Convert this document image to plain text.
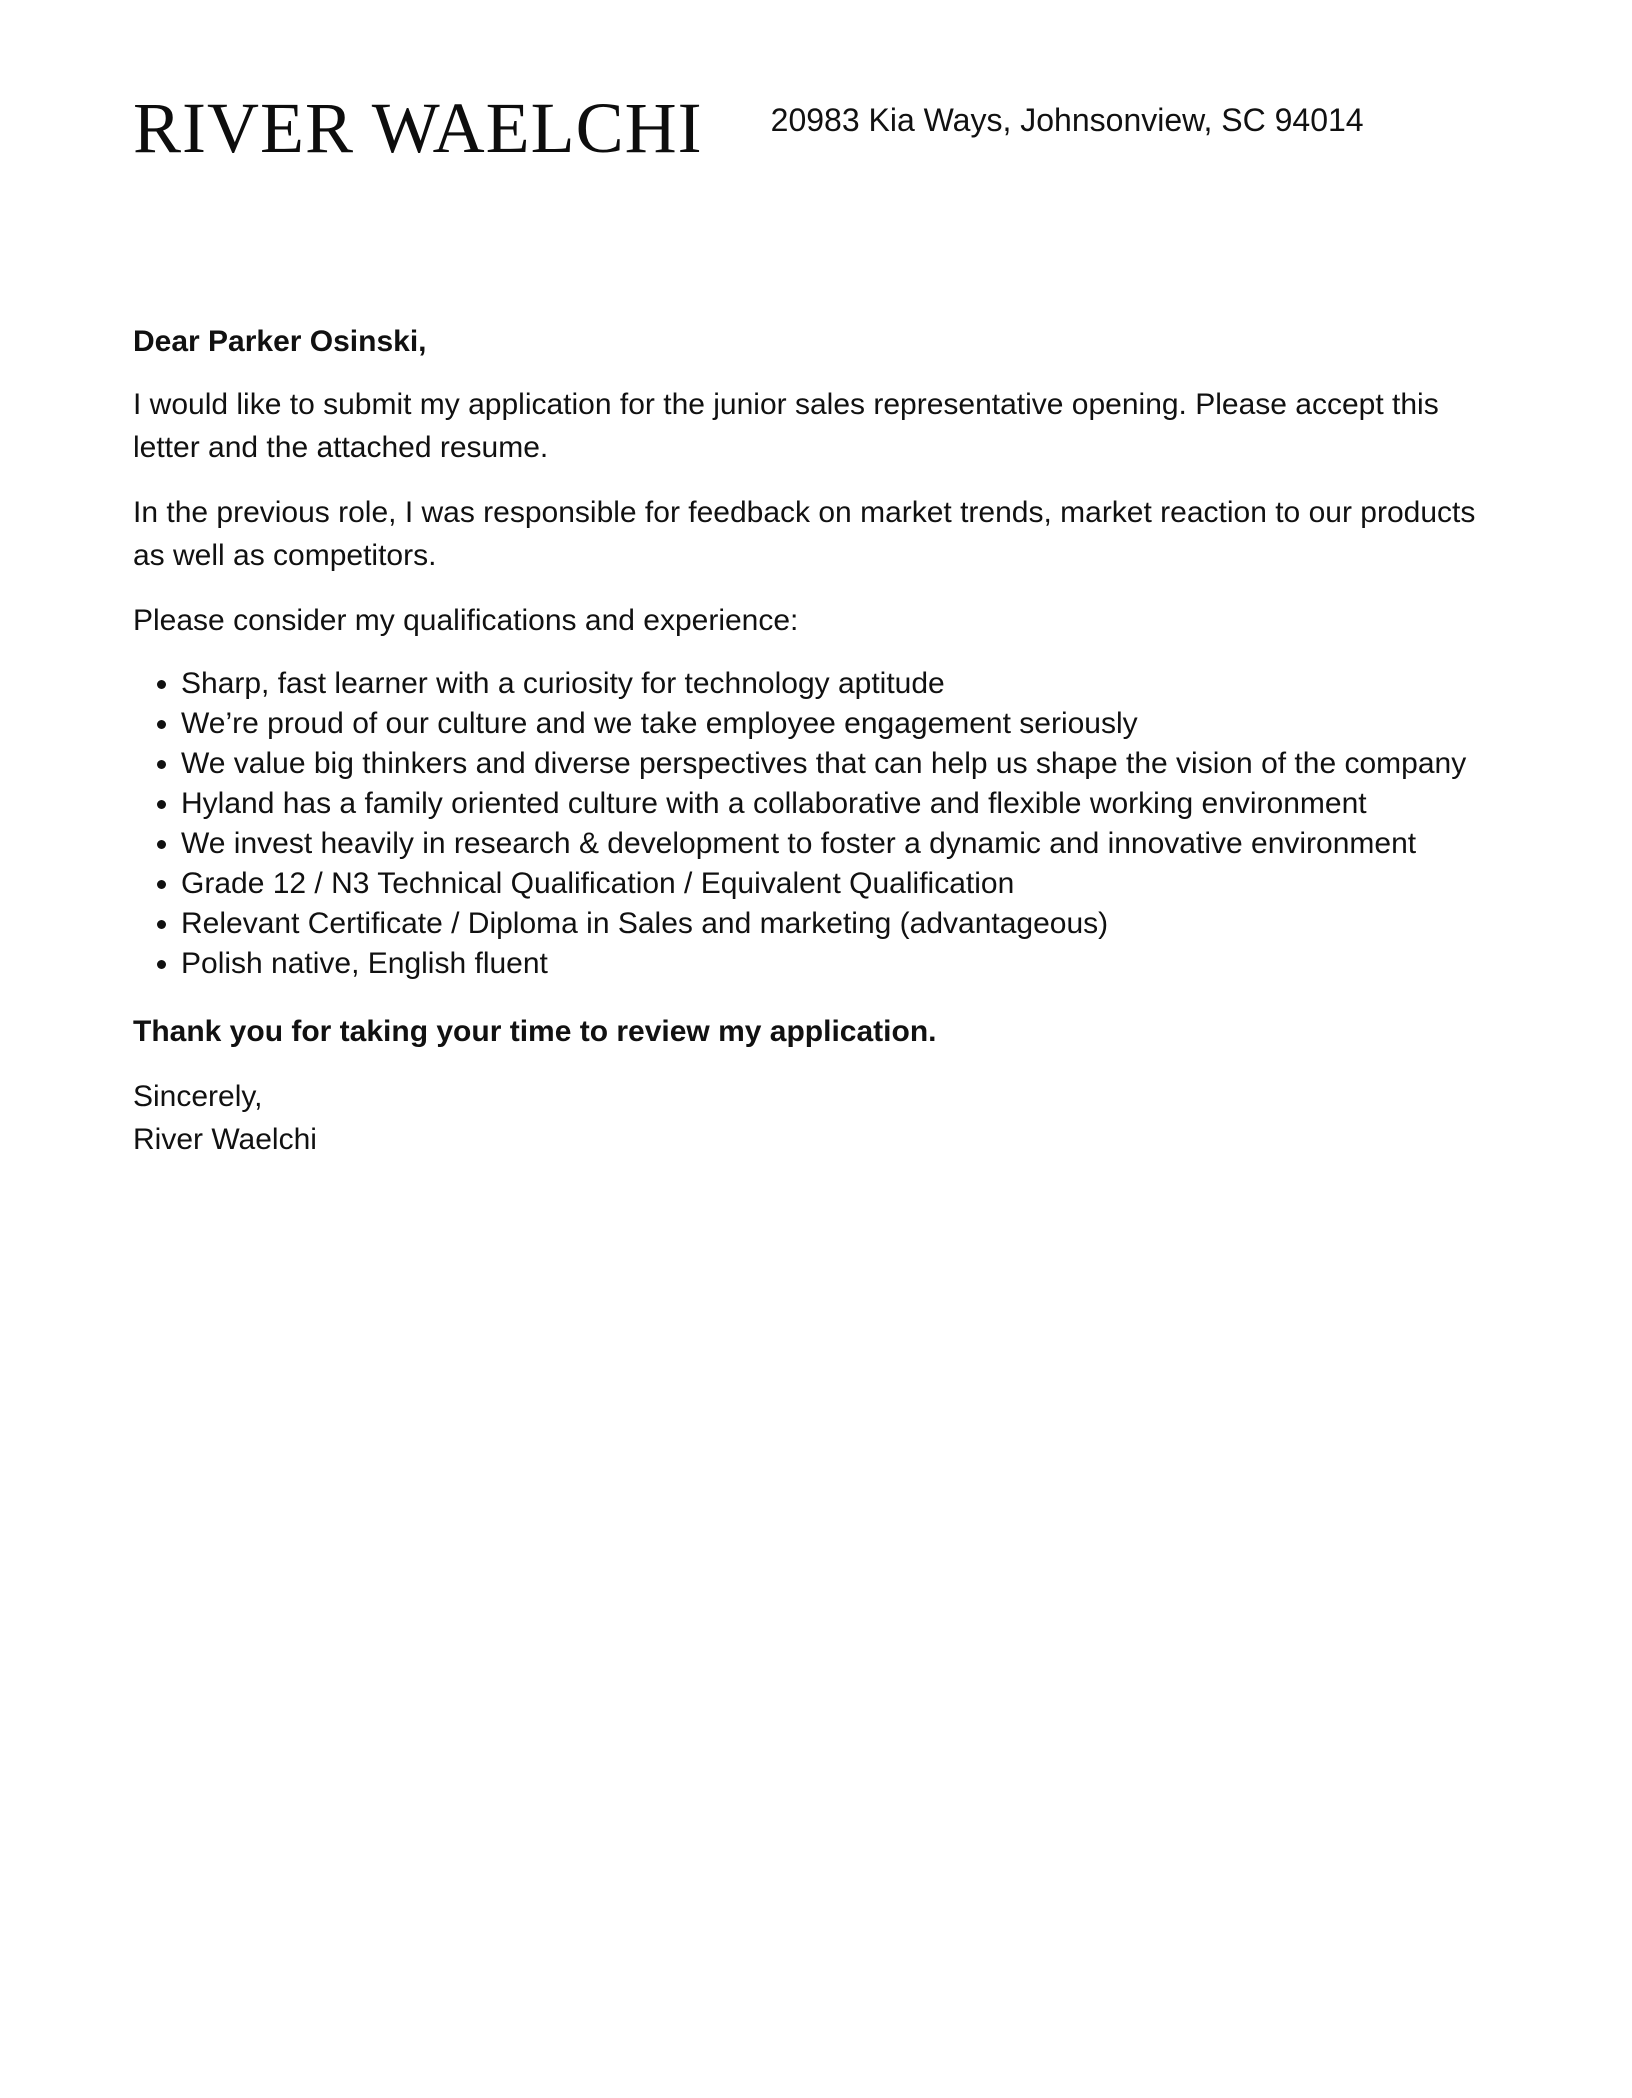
RIVER WAELCHI 20983 Kia Ways, Johnsonview, SC 94014

Dear Parker Osinski,

I would like to submit my application for the junior sales representative opening. Please accept this letter and the attached resume.

In the previous role, I was responsible for feedback on market trends, market reaction to our products as well as competitors.

Please consider my qualifications and experience:

• Sharp, fast learner with a curiosity for technology aptitude
• We’re proud of our culture and we take employee engagement seriously
• We value big thinkers and diverse perspectives that can help us shape the vision of the company
• Hyland has a family oriented culture with a collaborative and flexible working environment
• We invest heavily in research & development to foster a dynamic and innovative environment
• Grade 12 / N3 Technical Qualification / Equivalent Qualification
• Relevant Certificate / Diploma in Sales and marketing (advantageous)
• Polish native, English fluent

Thank you for taking your time to review my application.

Sincerely,

River Waelchi
